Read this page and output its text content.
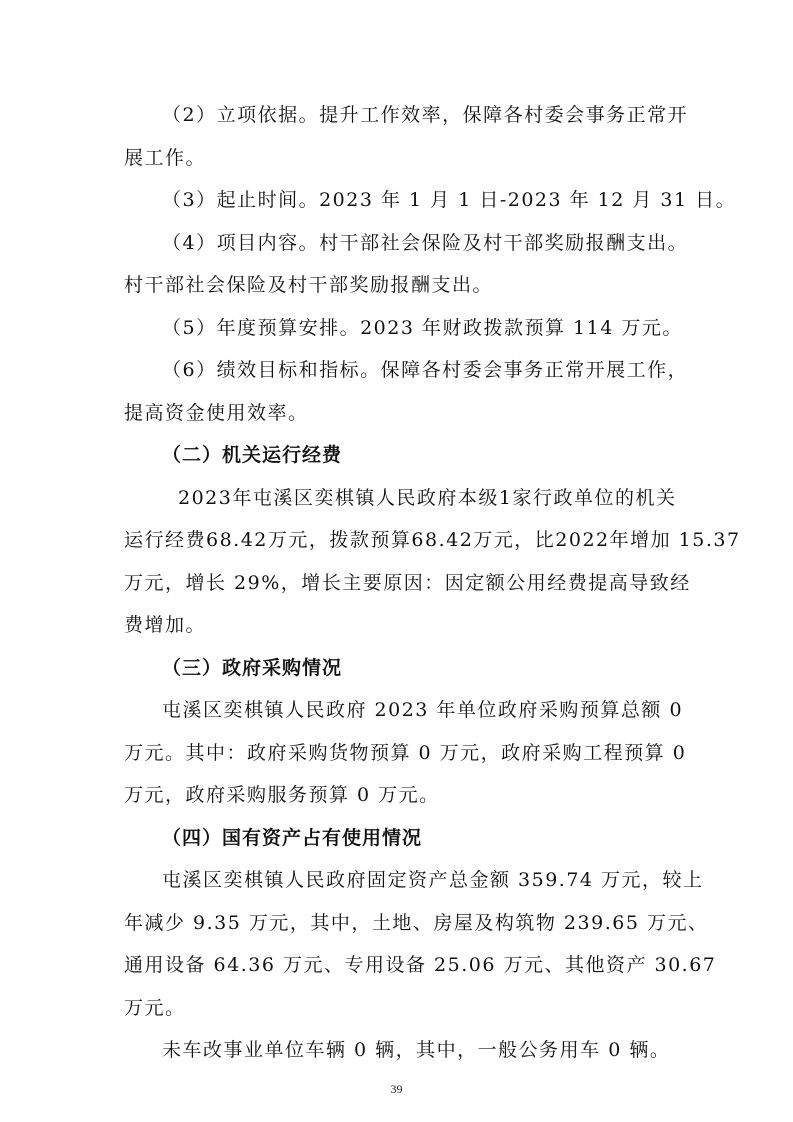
（2）立项依据。提升工作效率，保障各村委会事务正常开
展工作。
（3）起止时间。2023 年 1 月 1 日-2023 年 12 月 31 日。
（4）项目内容。村干部社会保险及村干部奖励报酬支出。
村干部社会保险及村干部奖励报酬支出。
（5）年度预算安排。2023 年财政拨款预算 114 万元。
（6）绩效目标和指标。保障各村委会事务正常开展工作，
提高资金使用效率。
（二）机关运行经费
2023年屯溪区奕棋镇人民政府本级1家行政单位的机关
运行经费68.42万元，拨款预算68.42万元，比2022年增加 15.37
万元，增长 29%，增长主要原因：因定额公用经费提高导致经
费增加。
（三）政府采购情况
屯溪区奕棋镇人民政府 2023 年单位政府采购预算总额 0
万元。其中：政府采购货物预算 0 万元，政府采购工程预算 0
万元，政府采购服务预算 0 万元。
（四）国有资产占有使用情况
屯溪区奕棋镇人民政府固定资产总金额 359.74 万元，较上
年减少 9.35 万元，其中，土地、房屋及构筑物 239.65 万元、
通用设备 64.36 万元、专用设备 25.06 万元、其他资产 30.67
万元。
未车改事业单位车辆 0 辆，其中，一般公务用车 0 辆。
39
